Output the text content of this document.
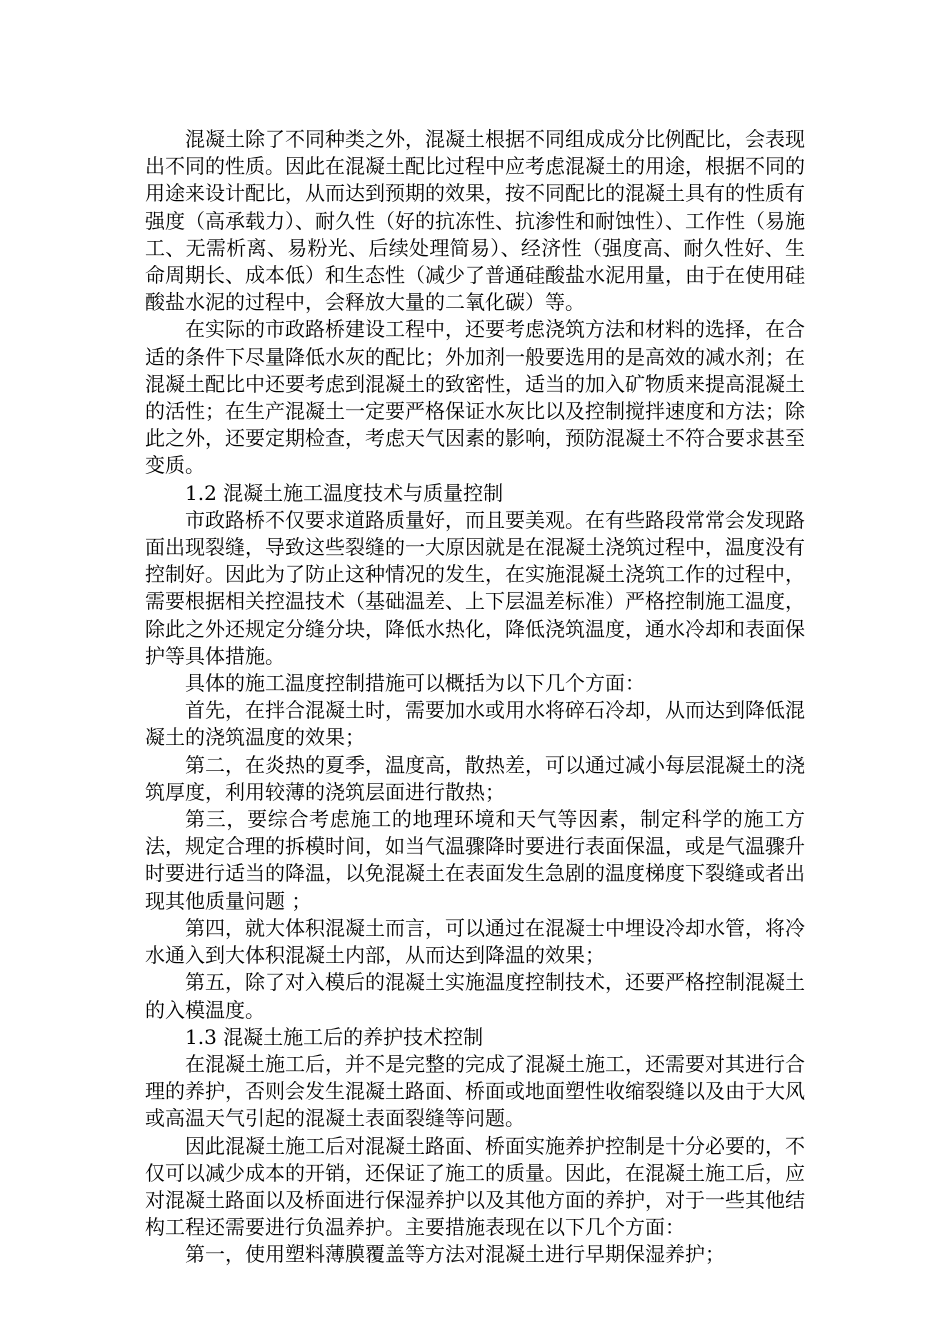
混凝土除了不同种类之外，混凝土根据不同组成成分比例配比，会表现出不同的性质。因此在混凝土配比过程中应考虑混凝土的用途，根据不同的用途来设计配比，从而达到预期的效果，按不同配比的混凝土具有的性质有强度（高承载力）、耐久性（好的抗冻性、抗渗性和耐蚀性）、工作性（易施工、无需析离、易粉光、后续处理简易）、经济性（强度高、耐久性好、生命周期长、成本低）和生态性（减少了普通硅酸盐水泥用量，由于在使用硅酸盐水泥的过程中，会释放大量的二氧化碳）等。

在实际的市政路桥建设工程中，还要考虑浇筑方法和材料的选择，在合适的条件下尽量降低水灰的配比；外加剂一般要选用的是高效的减水剂；在混凝土配比中还要考虑到混凝土的致密性，适当的加入矿物质来提高混凝土的活性；在生产混凝土一定要严格保证水灰比以及控制搅拌速度和方法；除此之外，还要定期检查，考虑天气因素的影响，预防混凝土不符合要求甚至变质。

1.2 混凝土施工温度技术与质量控制

市政路桥不仅要求道路质量好，而且要美观。在有些路段常常会发现路面出现裂缝，导致这些裂缝的一大原因就是在混凝土浇筑过程中，温度没有控制好。因此为了防止这种情况的发生，在实施混凝土浇筑工作的过程中，需要根据相关控温技术（基础温差、上下层温差标准）严格控制施工温度，除此之外还规定分缝分块，降低水热化，降低浇筑温度，通水冷却和表面保护等具体措施。

具体的施工温度控制措施可以概括为以下几个方面：

首先，在拌合混凝土时，需要加水或用水将碎石冷却，从而达到降低混凝土的浇筑温度的效果；

第二，在炎热的夏季，温度高，散热差，可以通过减小每层混凝土的浇筑厚度，利用较薄的浇筑层面进行散热；

第三，要综合考虑施工的地理环境和天气等因素，制定科学的施工方法，规定合理的拆模时间，如当气温骤降时要进行表面保温，或是气温骤升时要进行适当的降温，以免混凝土在表面发生急剧的温度梯度下裂缝或者出现其他质量问题 ；

第四，就大体积混凝土而言，可以通过在混凝士中埋设冷却水管，将冷水通入到大体积混凝土内部，从而达到降温的效果；

第五，除了对入模后的混凝土实施温度控制技术，还要严格控制混凝土的入模温度。

1.3 混凝土施工后的养护技术控制

在混凝土施工后，并不是完整的完成了混凝土施工，还需要对其进行合理的养护，否则会发生混凝土路面、桥面或地面塑性收缩裂缝以及由于大风或高温天气引起的混凝土表面裂缝等问题。

因此混凝土施工后对混凝土路面、桥面实施养护控制是十分必要的，不仅可以减少成本的开销，还保证了施工的质量。因此，在混凝土施工后，应对混凝土路面以及桥面进行保湿养护以及其他方面的养护，对于一些其他结构工程还需要进行负温养护。主要措施表现在以下几个方面：

第一，使用塑料薄膜覆盖等方法对混凝土进行早期保湿养护；
